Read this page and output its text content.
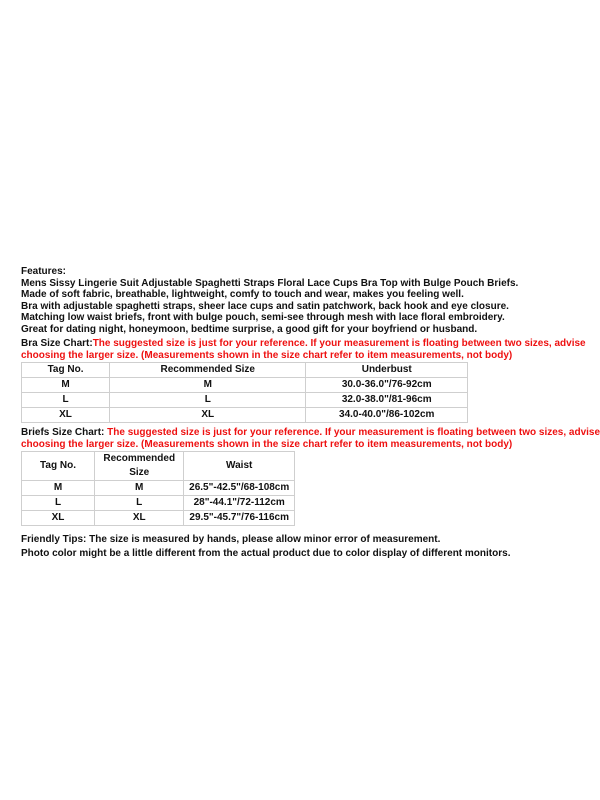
Features:
Mens Sissy Lingerie Suit Adjustable Spaghetti Straps Floral Lace Cups Bra Top with Bulge Pouch Briefs.
Made of soft fabric, breathable, lightweight, comfy to touch and wear, makes you feeling well.
Bra with adjustable spaghetti straps, sheer lace cups and satin patchwork, back hook and eye closure.
Matching low waist briefs, front with bulge pouch, semi-see through mesh with lace floral embroidery.
Great for dating night, honeymoon, bedtime surprise, a good gift for your boyfriend or husband.
Bra Size Chart:The suggested size is just for your reference. If your measurement is floating between two sizes, advise
choosing the larger size. (Measurements shown in the size chart refer to item measurements, not body)
Tag No.	Recommended Size	Underbust
M	M	30.0-36.0"/76-92cm
L	L	32.0-38.0"/81-96cm
XL	XL	34.0-40.0"/86-102cm
Briefs Size Chart: The suggested size is just for your reference. If your measurement is floating between two sizes, advise
choosing the larger size. (Measurements shown in the size chart refer to item measurements, not body)
Tag No.	Recommended Size	Waist
M	M	26.5"-42.5"/68-108cm
L	L	28"-44.1"/72-112cm
XL	XL	29.5"-45.7"/76-116cm
Friendly Tips: The size is measured by hands, please allow minor error of measurement.
Photo color might be a little different from the actual product due to color display of different monitors.
